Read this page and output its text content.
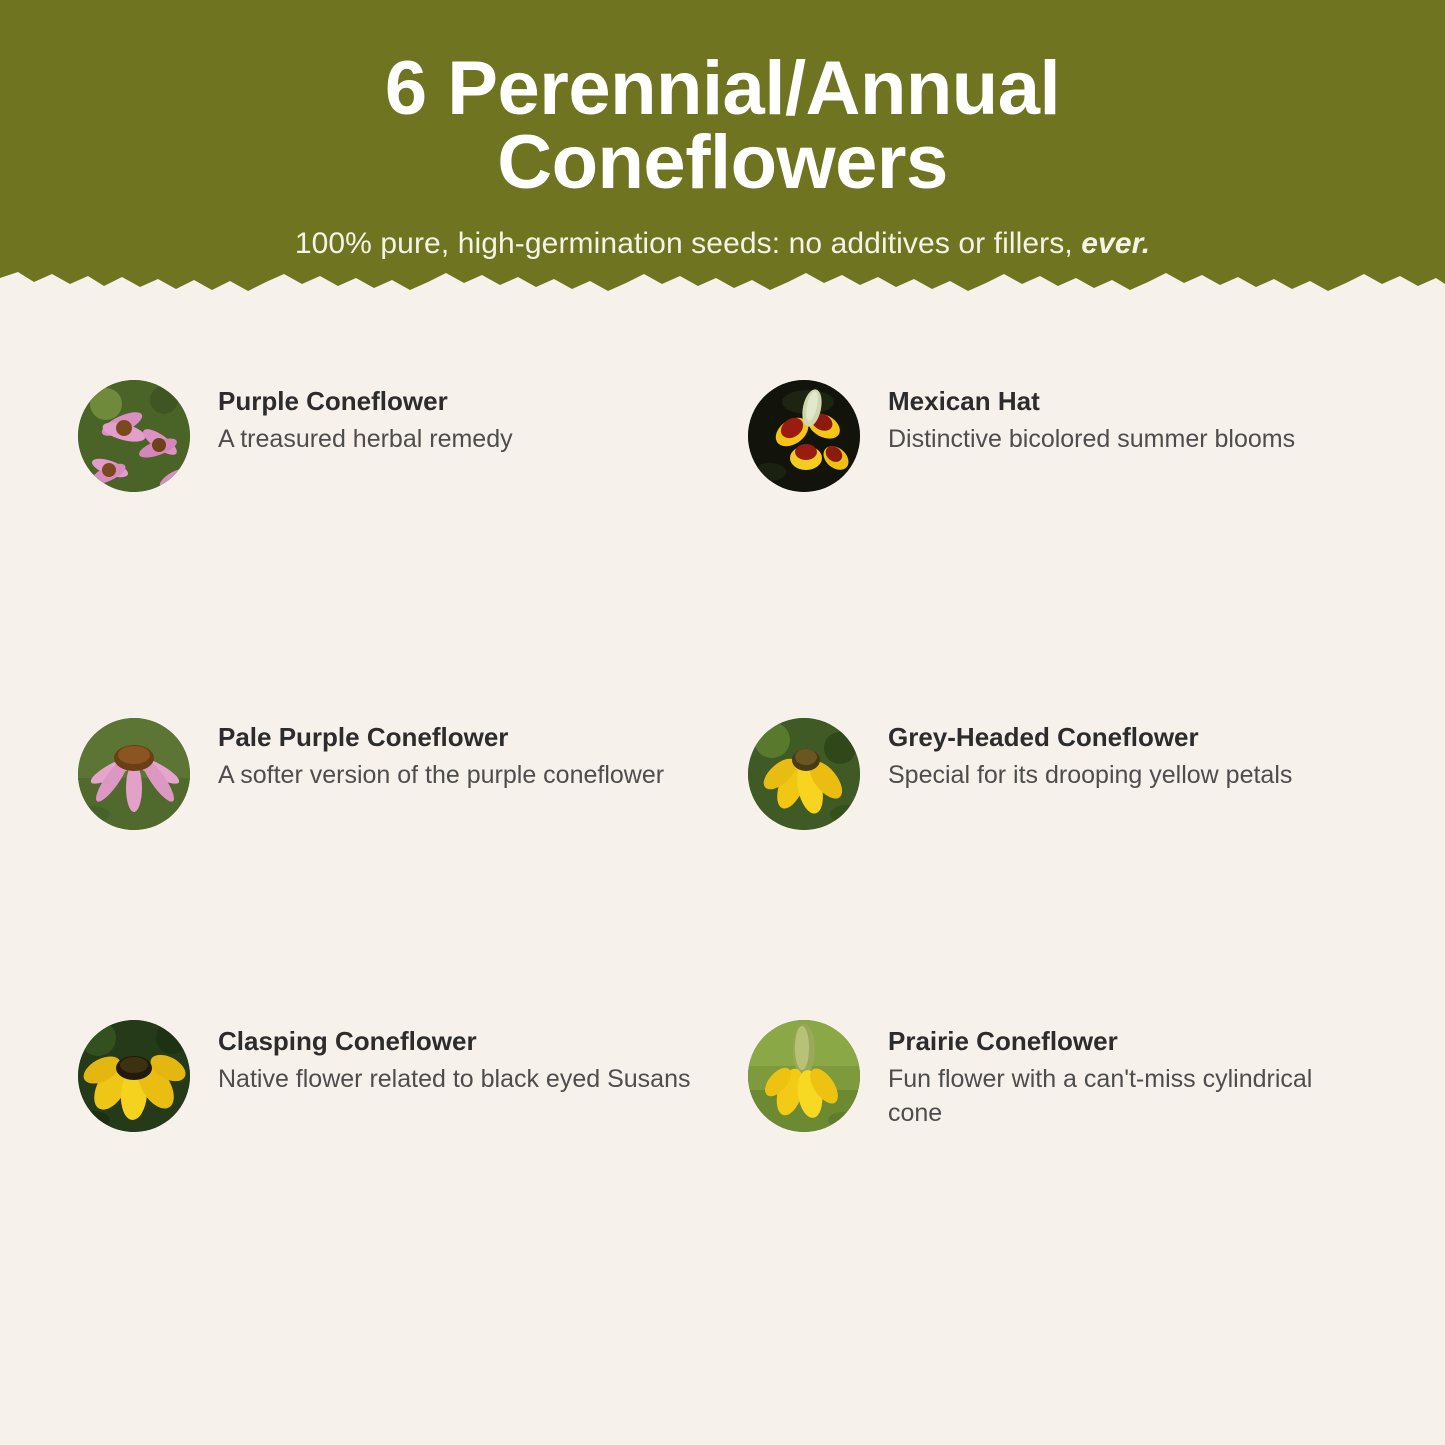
6 Perennial/Annual
Coneflowers
100% pure, high-germination seeds: no additives or fillers, ever.
Purple Coneflower
A treasured herbal remedy
Mexican Hat
Distinctive bicolored summer blooms
Pale Purple Coneflower
A softer version of the purple coneflower
Grey-Headed Coneflower
Special for its drooping yellow petals
Clasping Coneflower
Native flower related to black eyed Susans
Prairie Coneflower
Fun flower with a can't-miss cylindrical cone
